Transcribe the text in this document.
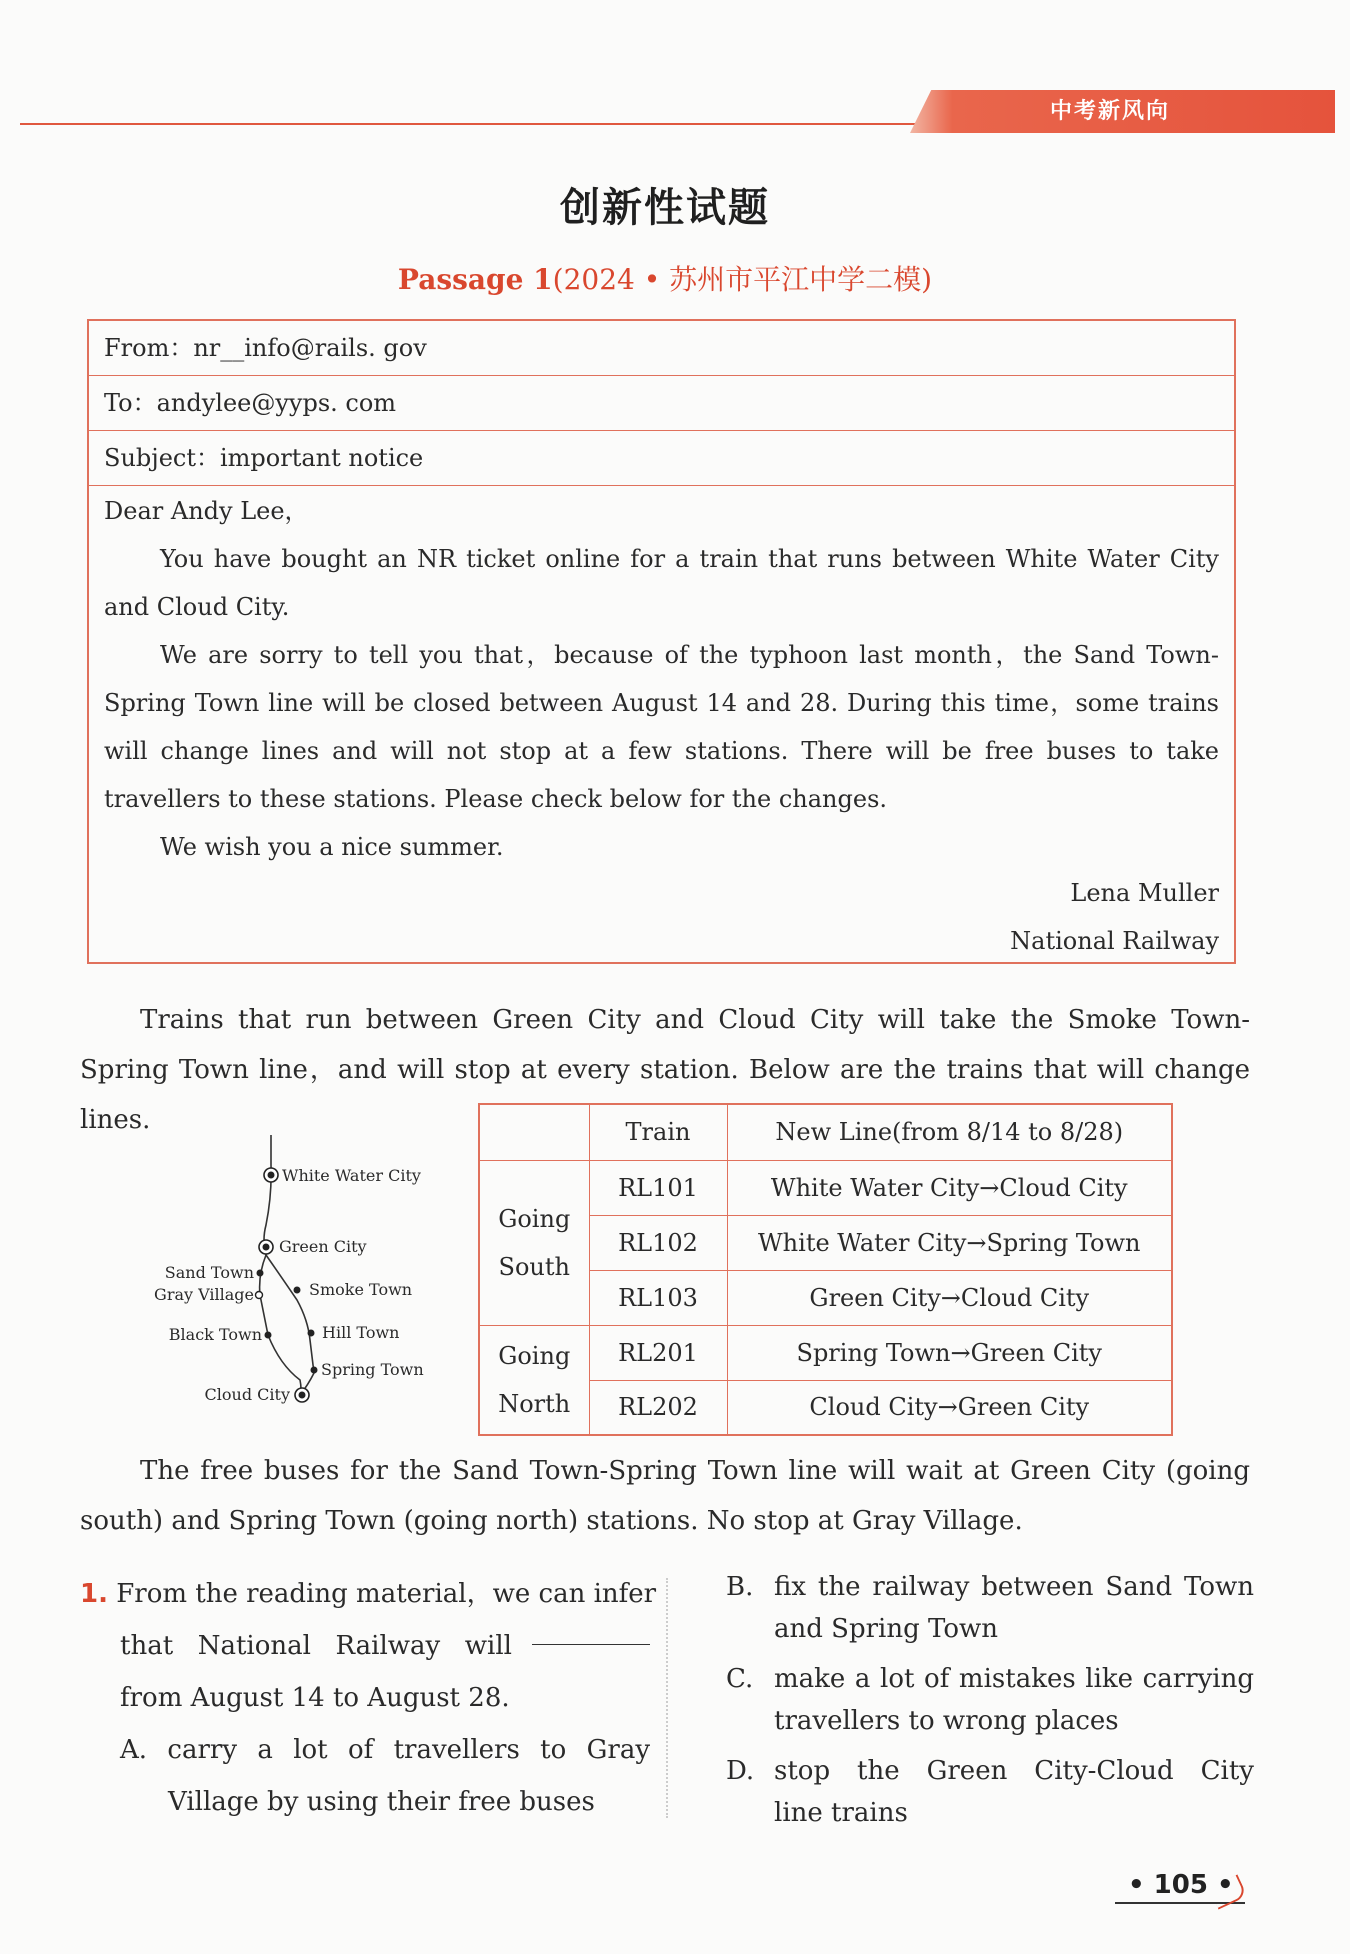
中考新风向
创新性试题
Passage 1(2024 • 苏州市平江中学二模)
From：nr__info@rails. gov
To：andylee@yyps. com
Subject：important notice

Dear Andy Lee，

You have bought an NR ticket online for a train that runs between White Water City and Cloud City.

We are sorry to tell you that，because of the typhoon last month，the Sand Town-Spring Town line will be closed between August 14 and 28. During this time，some trains will change lines and will not stop at a few stations. There will be free buses to take travellers to these stations. Please check below for the changes.

We wish you a nice summer.

Lena Muller

National Railway

Trains that run between Green City and Cloud City will take the Smoke Town-Spring Town line，and will stop at every station. Below are the trains that will change lines.
White Water City
Green City
Sand Town
Gray Village	Smoke Town
Black Town	Hill Town
Spring Town
Cloud City
	Train	New Line(from 8/14 to 8/28)
Going
South	RL101	White Water City→Cloud City
	RL102	White Water City→Spring Town
	RL103	Green City→Cloud City
Going
North	RL201	Spring Town→Green City
	RL202	Cloud City→Green City
The free buses for the Sand Town-Spring Town line will wait at Green City (going south) and Spring Town (going north) stations. No stop at Gray Village.
1. From the reading material，we can infer
that National Railway will
from August 14 to August 28.
A. carry a lot of travellers to Gray
Village by using their free buses
B. fix the railway between Sand Town
and Spring Town
C. make a lot of mistakes like carrying
travellers to wrong places
D. stop the Green City-Cloud City
line trains
• 105 •
